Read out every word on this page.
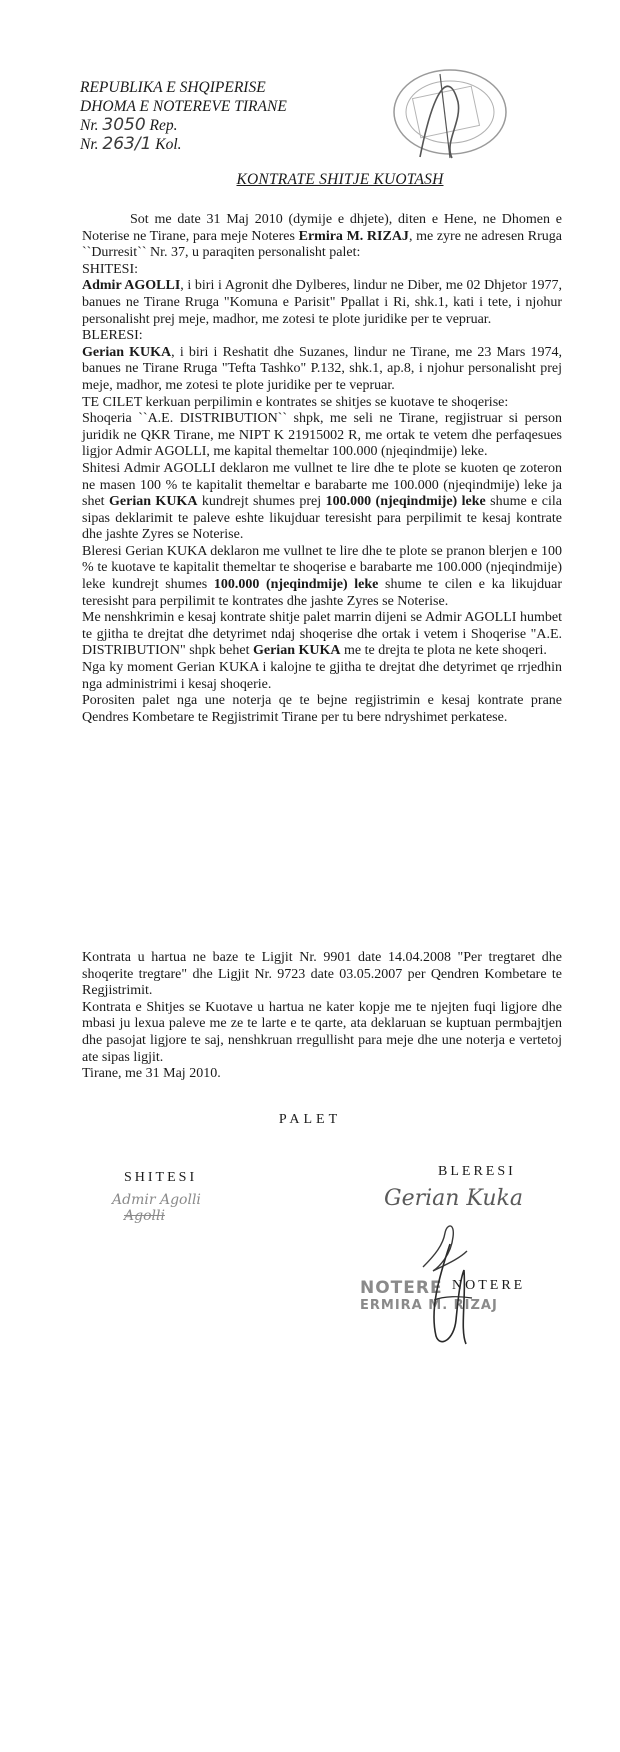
REPUBLIKA E SHQIPERISE
DHOMA E NOTEREVE TIRANE
Nr. 3050 Rep.
Nr. 263/1 Kol.
KONTRATE SHITJE KUOTASH

Sot me date 31 Maj 2010 (dymije e dhjete), diten e Hene, ne Dhomen e Noterise ne Tirane, para meje Noteres Ermira M. RIZAJ, me zyre ne adresen Rruga ``Durresit`` Nr. 37, u paraqiten personalisht palet:

SHITESI:

Admir AGOLLI, i biri i Agronit dhe Dylberes, lindur ne Diber, me 02 Dhjetor 1977, banues ne Tirane Rruga "Komuna e Parisit" Ppallat i Ri, shk.1, kati i tete, i njohur personalisht prej meje, madhor, me zotesi te plote juridike per te vepruar.

BLERESI:

Gerian KUKA, i biri i Reshatit dhe Suzanes, lindur ne Tirane, me 23 Mars 1974, banues ne Tirane Rruga "Tefta Tashko" P.132, shk.1, ap.8, i njohur personalisht prej meje, madhor, me zotesi te plote juridike per te vepruar.

TE CILET kerkuan perpilimin e kontrates se shitjes se kuotave te shoqerise:

Shoqeria ``A.E. DISTRIBUTION`` shpk, me seli ne Tirane, regjistruar si person juridik ne QKR Tirane, me NIPT K 21915002 R, me ortak te vetem dhe perfaqesues ligjor Admir AGOLLI, me kapital themeltar 100.000 (njeqindmije) leke.

Shitesi Admir AGOLLI deklaron me vullnet te lire dhe te plote se kuoten qe zoteron ne masen 100 % te kapitalit themeltar e barabarte me 100.000 (njeqindmije) leke ja shet Gerian KUKA kundrejt shumes prej 100.000 (njeqindmije) leke shume e cila sipas deklarimit te paleve eshte likujduar teresisht para perpilimit te kesaj kontrate dhe jashte Zyres se Noterise.

Bleresi Gerian KUKA deklaron me vullnet te lire dhe te plote se pranon blerjen e 100 % te kuotave te kapitalit themeltar te shoqerise e barabarte me 100.000 (njeqindmije) leke kundrejt shumes 100.000 (njeqindmije) leke shume te cilen e ka likujduar teresisht para perpilimit te kontrates dhe jashte Zyres se Noterise.

Me nenshkrimin e kesaj kontrate shitje palet marrin dijeni se Admir AGOLLI humbet te gjitha te drejtat dhe detyrimet ndaj shoqerise dhe ortak i vetem i Shoqerise "A.E. DISTRIBUTION" shpk behet Gerian KUKA me te drejta te plota ne kete shoqeri.

Nga ky moment Gerian KUKA i kalojne te gjitha te drejtat dhe detyrimet qe rrjedhin nga administrimi i kesaj shoqerie.

Porositen palet nga une noterja qe te bejne regjistrimin e kesaj kontrate prane Qendres Kombetare te Regjistrimit Tirane per tu bere ndryshimet perkatese.

Kontrata u hartua ne baze te Ligjit Nr. 9901 date 14.04.2008 "Per tregtaret dhe shoqerite tregtare" dhe Ligjit Nr. 9723 date 03.05.2007 per Qendren Kombetare te Regjistrimit.

Kontrata e Shitjes se Kuotave u hartua ne kater kopje me te njejten fuqi ligjore dhe mbasi ju lexua paleve me ze te larte e te qarte, ata deklaruan se kuptuan permbajtjen dhe pasojat ligjore te saj, nenshkruan rregullisht para meje dhe une noterja e vertetoj ate sipas ligjit.

Tirane, me 31 Maj 2010.

PALET
SHITESI
Admir Agolli
Agolli
BLERESI
Gerian Kuka
NOTERE
ERMIRA M. RIZAJ
NOTERE
